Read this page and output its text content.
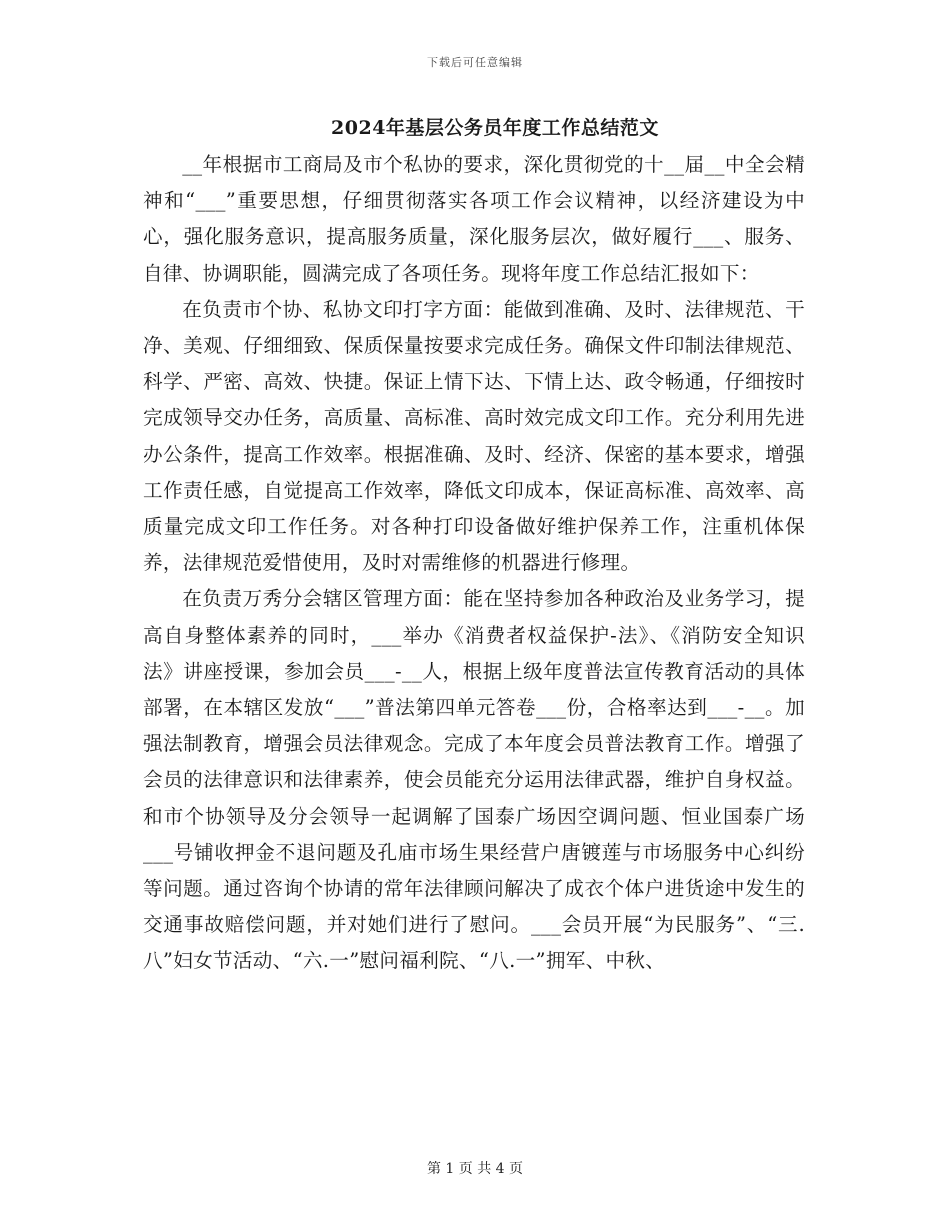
下载后可任意编辑
2024年基层公务员年度工作总结范文

__年根据市工商局及市个私协的要求，深化贯彻党的十__届__中全会精神和“___”重要思想，仔细贯彻落实各项工作会议精神，以经济建设为中心，强化服务意识，提高服务质量，深化服务层次，做好履行___、服务、自律、协调职能，圆满完成了各项任务。现将年度工作总结汇报如下：

在负责市个协、私协文印打字方面：能做到准确、及时、法律规范、干净、美观、仔细细致、保质保量按要求完成任务。确保文件印制法律规范、科学、严密、高效、快捷。保证上情下达、下情上达、政令畅通，仔细按时完成领导交办任务，高质量、高标准、高时效完成文印工作。充分利用先进办公条件，提高工作效率。根据准确、及时、经济、保密的基本要求，增强工作责任感，自觉提高工作效率，降低文印成本，保证高标准、高效率、高质量完成文印工作任务。对各种打印设备做好维护保养工作，注重机体保养，法律规范爱惜使用，及时对需维修的机器进行修理。

在负责万秀分会辖区管理方面：能在坚持参加各种政治及业务学习，提高自身整体素养的同时，___举办《消费者权益保护-法》、《消防安全知识法》讲座授课，参加会员___-__人，根据上级年度普法宣传教育活动的具体部署，在本辖区发放“___”普法第四单元答卷___份，合格率达到___-__。加强法制教育，增强会员法律观念。完成了本年度会员普法教育工作。增强了会员的法律意识和法律素养，使会员能充分运用法律武器，维护自身权益。和市个协领导及分会领导一起调解了国泰广场因空调问题、恒业国泰广场___号铺收押金不退问题及孔庙市场生果经营户唐镀莲与市场服务中心纠纷等问题。通过咨询个协请的常年法律顾问解决了成衣个体户进货途中发生的交通事故赔偿问题，并对她们进行了慰问。___会员开展“为民服务”、“三.八”妇女节活动、“六.一”慰问福利院、“八.一”拥军、中秋、

第 1 页 共 4 页
